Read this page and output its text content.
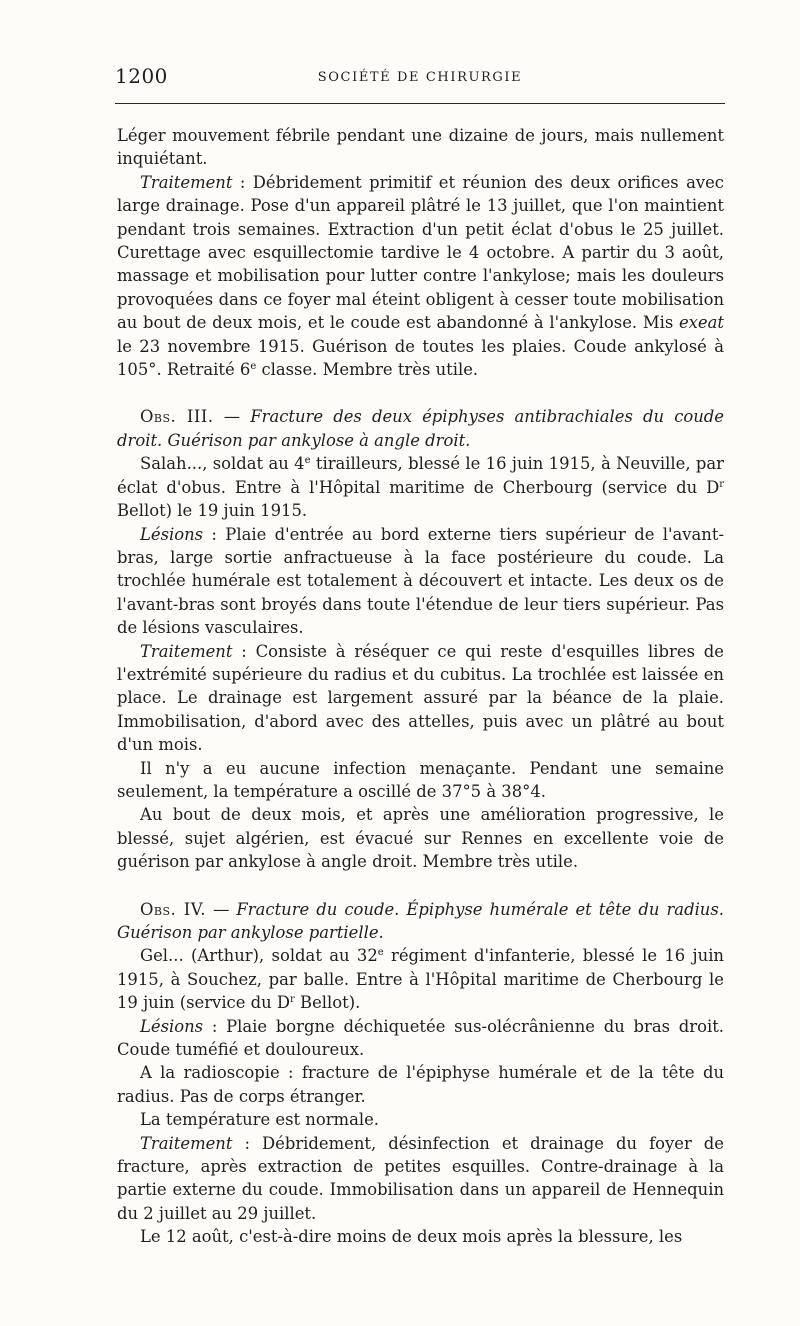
1200	SOCIÉTÉ DE CHIRURGIE

Léger mouvement fébrile pendant une dizaine de jours, mais nullement inquiétant.

Traitement : Débridement primitif et réunion des deux orifices avec large drainage. Pose d'un appareil plâtré le 13 juillet, que l'on maintient pendant trois semaines. Extraction d'un petit éclat d'obus le 25 juillet. Curettage avec esquillectomie tardive le 4 octobre. A partir du 3 août, massage et mobilisation pour lutter contre l'ankylose; mais les douleurs provoquées dans ce foyer mal éteint obligent à cesser toute mobilisation au bout de deux mois, et le coude est abandonné à l'ankylose. Mis exeat le 23 novembre 1915. Guérison de toutes les plaies. Coude ankylosé à 105°. Retraité 6e classe. Membre très utile.

Obs. III. — Fracture des deux épiphyses antibrachiales du coude droit. Guérison par ankylose à angle droit.

Salah..., soldat au 4e tirailleurs, blessé le 16 juin 1915, à Neuville, par éclat d'obus. Entre à l'Hôpital maritime de Cherbourg (service du $D^r$ Bellot) le 19 juin 1915.

Lésions : Plaie d'entrée au bord externe tiers supérieur de l'avant-bras, large sortie anfractueuse à la face postérieure du coude. La trochlée humérale est totalement à découvert et intacte. Les deux os de l'avant-bras sont broyés dans toute l'étendue de leur tiers supérieur. Pas de lésions vasculaires.

Traitement : Consiste à réséquer ce qui reste d'esquilles libres de l'extrémité supérieure du radius et du cubitus. La trochlée est laissée en place. Le drainage est largement assuré par la béance de la plaie. Immobilisation, d'abord avec des attelles, puis avec un plâtré au bout d'un mois.

Il n'y a eu aucune infection menaçante. Pendant une semaine seulement, la température a oscillé de 37°5 à 38°4.

Au bout de deux mois, et après une amélioration progressive, le blessé, sujet algérien, est évacué sur Rennes en excellente voie de guérison par ankylose à angle droit. Membre très utile.

Obs. IV. — Fracture du coude. Épiphyse humérale et tête du radius. Guérison par ankylose partielle.

Gel... (Arthur), soldat au 32e régiment d'infanterie, blessé le 16 juin 1915, à Souchez, par balle. Entre à l'Hôpital maritime de Cherbourg le 19 juin (service du $D^r$ Bellot).

Lésions : Plaie borgne déchiquetée sus-olécrânienne du bras droit. Coude tuméfié et douloureux.

A la radioscopie : fracture de l'épiphyse humérale et de la tête du radius. Pas de corps étranger.

La température est normale.

Traitement : Débridement, désinfection et drainage du foyer de fracture, après extraction de petites esquilles. Contre-drainage à la partie externe du coude. Immobilisation dans un appareil de Hennequin du 2 juillet au 29 juillet.

Le 12 août, c'est-à-dire moins de deux mois après la blessure, les
